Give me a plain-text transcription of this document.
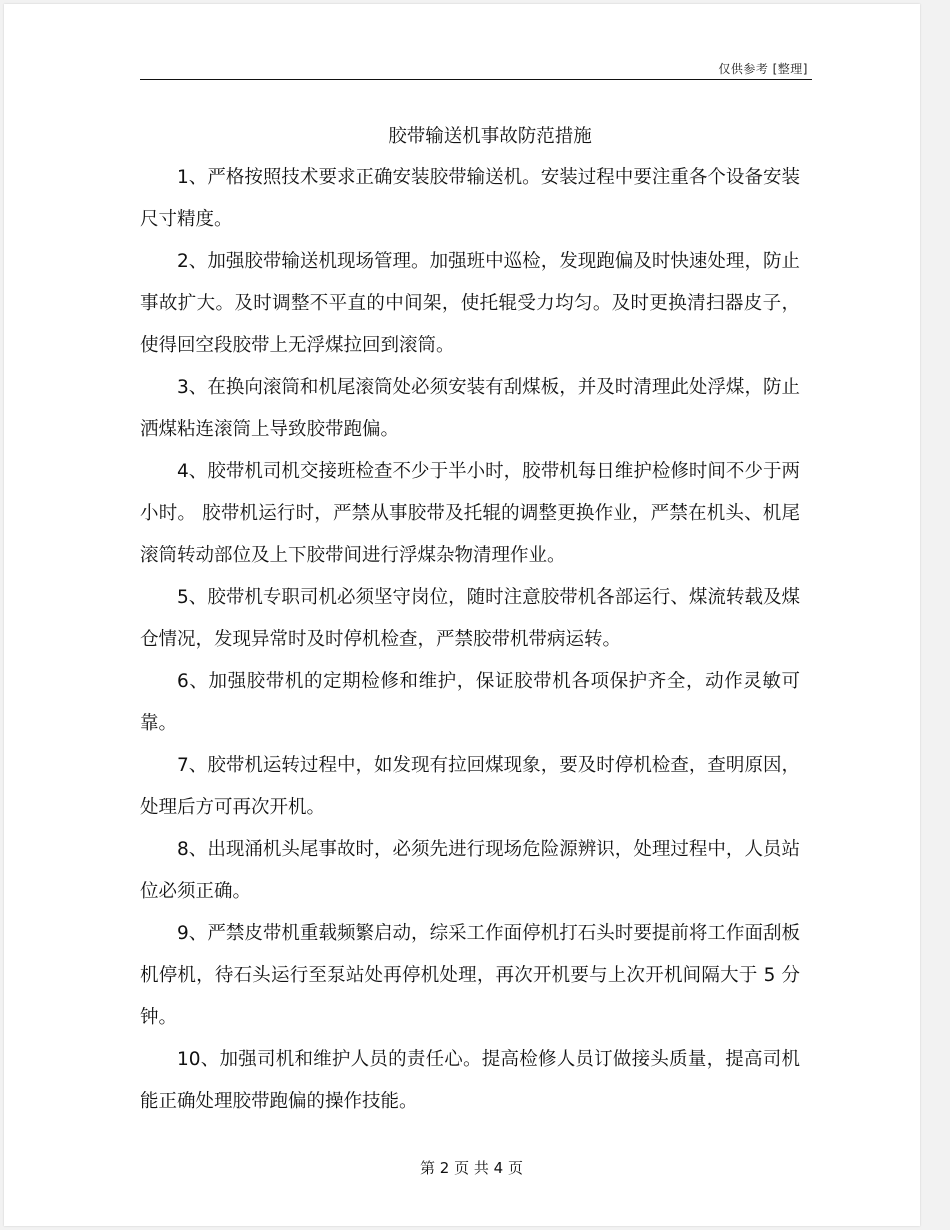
仅供参考 [整理]
胶带输送机事故防范措施

1、严格按照技术要求正确安装胶带输送机。安装过程中要注重各个设备安装尺寸精度。

2、加强胶带输送机现场管理。加强班中巡检，发现跑偏及时快速处理，防止事故扩大。及时调整不平直的中间架，使托辊受力均匀。及时更换清扫器皮子，使得回空段胶带上无浮煤拉回到滚筒。

3、在换向滚筒和机尾滚筒处必须安装有刮煤板，并及时清理此处浮煤，防止洒煤粘连滚筒上导致胶带跑偏。

4、胶带机司机交接班检查不少于半小时，胶带机每日维护检修时间不少于两小时。 胶带机运行时，严禁从事胶带及托辊的调整更换作业，严禁在机头、机尾滚筒转动部位及上下胶带间进行浮煤杂物清理作业。

5、胶带机专职司机必须坚守岗位，随时注意胶带机各部运行、煤流转载及煤仓情况，发现异常时及时停机检查，严禁胶带机带病运转。

6、加强胶带机的定期检修和维护，保证胶带机各项保护齐全，动作灵敏可靠。

7、胶带机运转过程中，如发现有拉回煤现象，要及时停机检查，查明原因，处理后方可再次开机。

8、出现涌机头尾事故时，必须先进行现场危险源辨识，处理过程中，人员站位必须正确。

9、严禁皮带机重载频繁启动，综采工作面停机打石头时要提前将工作面刮板机停机，待石头运行至泵站处再停机处理，再次开机要与上次开机间隔大于 5 分钟。

10、加强司机和维护人员的责任心。提高检修人员订做接头质量，提高司机能正确处理胶带跑偏的操作技能。

第 2 页 共 4 页
